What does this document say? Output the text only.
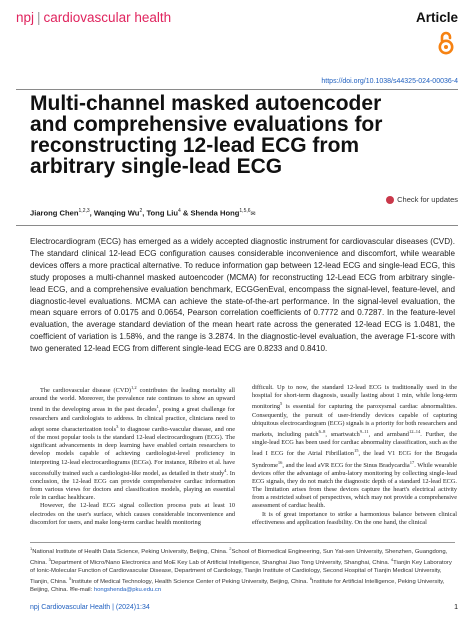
npj | cardiovascular health	Article
https://doi.org/10.1038/s44325-024-00036-4
Multi-channel masked autoencoder
and comprehensive evaluations for
reconstructing 12-lead ECG from
arbitrary single-lead ECG
Check for updates
Jiarong Chen$^{1,2,3}$, Wanqing Wu$^2$, Tong Liu$^4$ & Shenda Hong$^{1,5,6}$✉
Electrocardiogram (ECG) has emerged as a widely accepted diagnostic instrument for cardiovascular diseases (CVD). The standard clinical 12-lead ECG configuration causes considerable inconvenience and discomfort, while wearable devices offers a more practical alternative. To reduce information gap between 12-lead ECG and single-lead ECG, this study proposes a multi-channel masked autoencoder (MCMA) for reconstructing 12-Lead ECG from arbitrary single-lead ECG, and a comprehensive evaluation benchmark, ECGGenEval, encompass the signal-level, feature-level, and diagnostic-level evaluations. MCMA can achieve the state-of-the-art performance. In the signal-level evaluation, the mean square errors of 0.0175 and 0.0654, Pearson correlation coefficients of 0.7772 and 0.7287. In the feature-level evaluation, the average standard deviation of the mean heart rate across the generated 12-lead ECG is 1.0481, the coefficient of variation is 1.58%, and the range is 3.2874. In the diagnostic-level evaluation, the average F1-score with two generated 12-lead ECG from different single-lead ECG are 0.8233 and 0.8410.

The cardiovascular disease (CVD)$^{1,2}$ contributes the leading mortality all around the world. Moreover, the prevalence rate continues to show an upward trend in the developing areas in the past decades$^1$, posing a great challenge for researchers and cardiologists to address. In clinical practice, clinicians need to adopt some characterization tools$^3$ to diagnose cardio-vascular disease, and one of the most popular tools is the standard 12-lead electrocardiogram (ECG). The significant advancements in deep learning have enabled certain researchers to develop models capable of achieving cardiologist-level proficiency in interpreting 12-lead electrocardiograms (ECGs). For instance, Ribeiro et al. have successfully trained such a cardiologist-like model, as detailed in their study$^4$. In conclusion, the 12-lead ECG can provide comprehensive cardiac information from various views for doctors and classification models, playing an essential role in cardiac healthcare.

However, the 12-lead ECG signal collection process puts at least 10 electrodes on the user's surface, which causes considerable inconvenience and discomfort for users, and make long-term cardiac health monitoring

difficult. Up to now, the standard 12-lead ECG is traditionally used in the hospital for short-term diagnosis, usually lasting about 1 min, while long-term monitoring$^5$ is essential for capturing the paroxysmal cardiac abnormalities. Consequently, the pursuit of user-friendly devices capable of capturing ubiquitous electrocardiogram (ECG) signals is a priority for both researchers and markets, including patch$^{6-8}$, smartwatch$^{9-11}$, and armband$^{12-14}$. Further, the single-lead ECG has been used for cardiac abnormality classification, such as the lead I ECG for the Atrial Fibrillation$^{15}$, the lead V1 ECG for the Brugada Syndrome$^{16}$, and the lead aVR ECG for the Sinus Bradycardia$^{17}$. While wearable devices offer the advantage of ambu-latory monitoring by collecting single-lead ECG signals, they do not match the diagnostic depth of a standard 12-lead ECG. The limitation arises from these devices capture the heart's electrical activity from a restricted subset of perspectives, which may not provide a comprehensive assessment of cardiac health.

It is of great importance to strike a harmonious balance between clinical effectiveness and application feasibility. On the one hand, the clinical

$^1$National Institute of Health Data Science, Peking University, Beijing, China. $^2$School of Biomedical Engineering, Sun Yat-sen University, Shenzhen, Guangdong, China. $^3$Department of Micro/Nano Electronics and MoE Key Lab of Artificial Intelligence, Shanghai Jiao Tong University, Shanghai, China. $^4$Tianjin Key Laboratory of Ionic-Molecular Function of Cardiovascular Disease, Department of Cardiology, Tianjin Institute of Cardiology, Second Hospital of Tianjin Medical University, Tianjin, China. $^5$Institute of Medical Technology, Health Science Center of Peking University, Beijing, China. $^6$Institute for Artificial Intelligence, Peking University, Beijing, China. ✉e-mail: hongshenda@pku.edu.cn
npj Cardiovascular Health | (2024)1:34	1
